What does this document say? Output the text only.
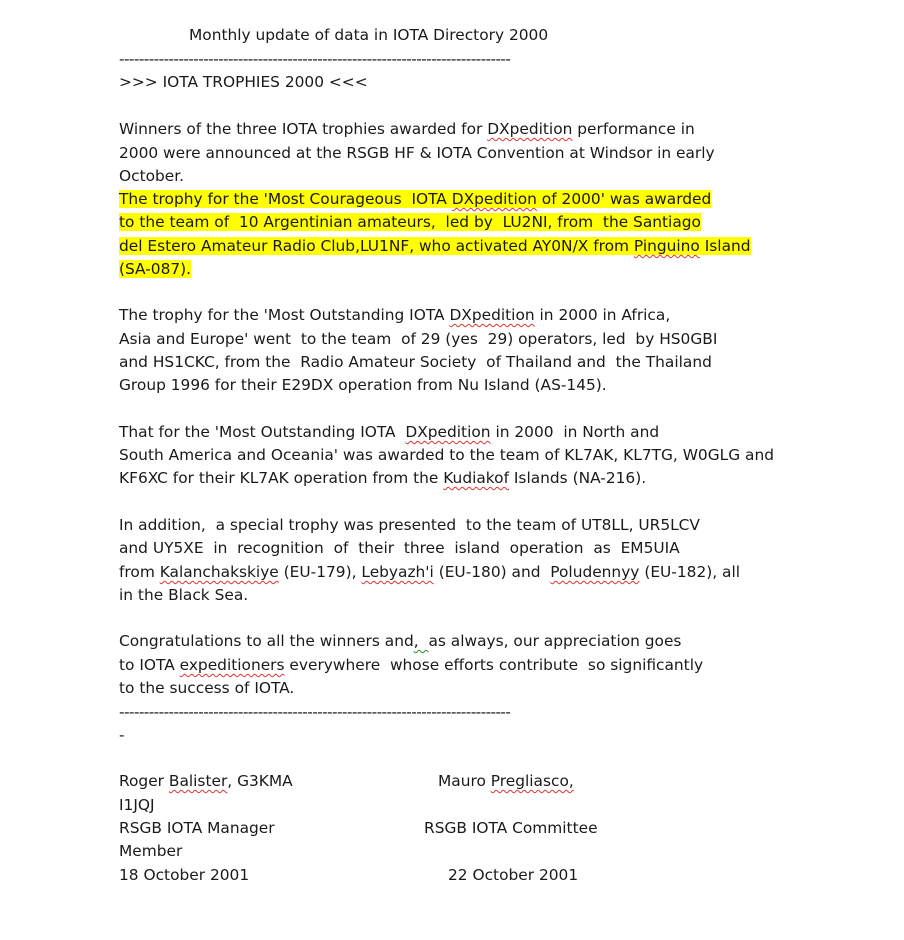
Monthly update of data in IOTA Directory 2000
-------------------------------------------------------------------------------
>>> IOTA TROPHIES 2000 <<<
Winners of the three IOTA trophies awarded for DXpedition performance in
2000 were announced at the RSGB HF & IOTA Convention at Windsor in early
October.
The trophy for the 'Most Courageous  IOTA DXpedition of 2000' was awarded
to the team of  10 Argentinian amateurs,  led by  LU2NI, from  the Santiago
del Estero Amateur Radio Club,LU1NF, who activated AY0N/X from Pinguino Island
(SA-087).
The trophy for the 'Most Outstanding IOTA DXpedition in 2000 in Africa,
Asia and Europe' went  to the team  of 29 (yes  29) operators, led  by HS0GBI
and HS1CKC, from the  Radio Amateur Society  of Thailand and  the Thailand
Group 1996 for their E29DX operation from Nu Island (AS-145).
That for the 'Most Outstanding IOTA  DXpedition in 2000  in North and
South America and Oceania' was awarded to the team of KL7AK, KL7TG, W0GLG and
KF6XC for their KL7AK operation from the Kudiakof Islands (NA-216).
In addition,  a special trophy was presented  to the team of UT8LL, UR5LCV
and UY5XE  in  recognition  of  their  three  island  operation  as  EM5UIA
from Kalanchakskiye (EU-179), Lebyazh'i (EU-180) and  Poludennyy (EU-182), all
in the Black Sea.
Congratulations to all the winners and,  as always, our appreciation goes
to IOTA expeditioners everywhere  whose efforts contribute  so significantly
to the success of IOTA.
-------------------------------------------------------------------------------
-
Roger Balister, G3KMA	Mauro Pregliasco,
I1JQJ
RSGB IOTA Manager	RSGB IOTA Committee
Member
18 October 2001	22 October 2001
